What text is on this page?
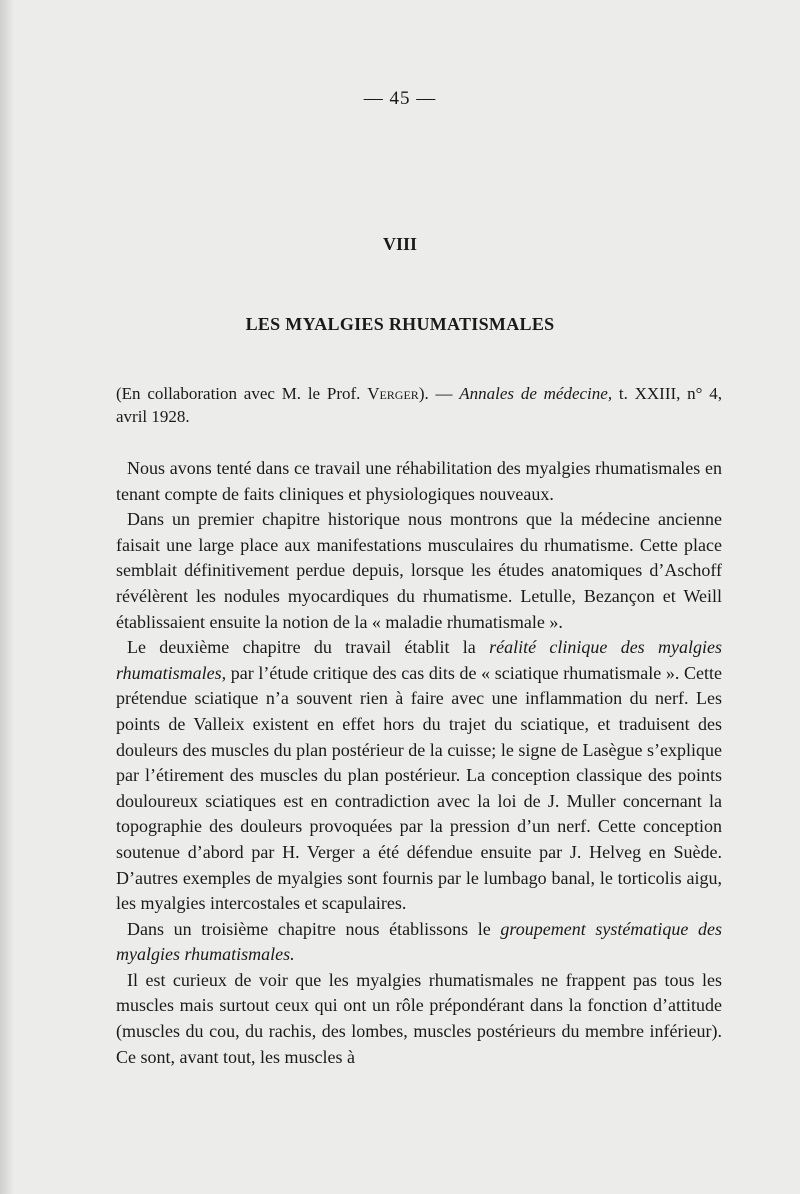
— 45 —
VIII
LES MYALGIES RHUMATISMALES
(En collaboration avec M. le Prof. Verger). — Annales de médecine, t. XXIII, n° 4, avril 1928.

Nous avons tenté dans ce travail une réhabilitation des myalgies rhumatismales en tenant compte de faits cliniques et physiologiques nouveaux.

Dans un premier chapitre historique nous montrons que la médecine ancienne faisait une large place aux manifestations musculaires du rhumatisme. Cette place semblait définitivement perdue depuis, lorsque les études anatomiques d’Aschoff révélèrent les nodules myocardiques du rhumatisme. Letulle, Bezançon et Weill établissaient ensuite la notion de la « maladie rhumatismale ».

Le deuxième chapitre du travail établit la réalité clinique des myalgies rhumatismales, par l’étude critique des cas dits de « sciatique rhumatismale ». Cette prétendue sciatique n’a souvent rien à faire avec une inflammation du nerf. Les points de Valleix existent en effet hors du trajet du sciatique, et traduisent des douleurs des muscles du plan postérieur de la cuisse; le signe de Lasègue s’explique par l’étirement des muscles du plan postérieur. La conception classique des points douloureux sciatiques est en contradiction avec la loi de J. Muller concernant la topographie des douleurs provoquées par la pression d’un nerf. Cette conception soutenue d’abord par H. Verger a été défendue ensuite par J. Helveg en Suède. D’autres exemples de myalgies sont fournis par le lumbago banal, le torticolis aigu, les myalgies intercostales et scapulaires.

Dans un troisième chapitre nous établissons le groupement systématique des myalgies rhumatismales.

Il est curieux de voir que les myalgies rhumatismales ne frappent pas tous les muscles mais surtout ceux qui ont un rôle prépondérant dans la fonction d’attitude (muscles du cou, du rachis, des lombes, muscles postérieurs du membre inférieur). Ce sont, avant tout, les muscles à
